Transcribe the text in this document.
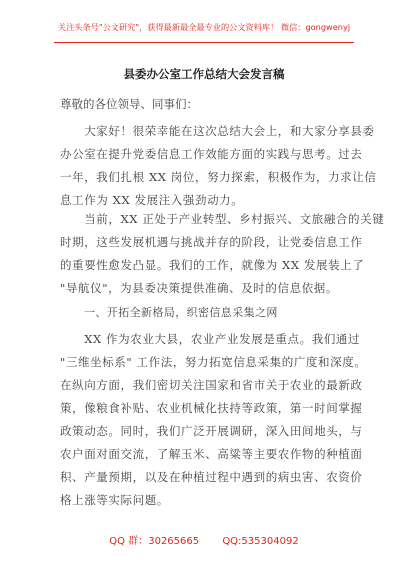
关注头条号"公文研究"，获得最新最全最专业的公文资料库！ 微信：gongwenyj
县委办公室工作总结大会发言稿
尊敬的各位领导、同事们：
　　大家好！很荣幸能在这次总结大会上，和大家分享县委
办公室在提升党委信息工作效能方面的实践与思考。过去
一年，我们扎根 XX 岗位，努力探索，积极作为，力求让信
息工作为 XX 发展注入强劲动力。
　　当前，XX 正处于产业转型、乡村振兴、文旅融合的关键
时期，这些发展机遇与挑战并存的阶段，让党委信息工作
的重要性愈发凸显。我们的工作，就像为 XX 发展装上了
"导航仪"，为县委决策提供准确、及时的信息依据。
一、开拓全新格局，织密信息采集之网
　　XX 作为农业大县，农业产业发展是重点。我们通过
"三维坐标系" 工作法，努力拓宽信息采集的广度和深度。
在纵向方面，我们密切关注国家和省市关于农业的最新政
策，像粮食补贴、农业机械化扶持等政策，第一时间掌握
政策动态。同时，我们广泛开展调研，深入田间地头，与
农户面对面交流，了解玉米、高粱等主要农作物的种植面
积、产量预期，以及在种植过程中遇到的病虫害、农资价
格上涨等实际问题。
QQ 群：30265665 QQ:535304092
